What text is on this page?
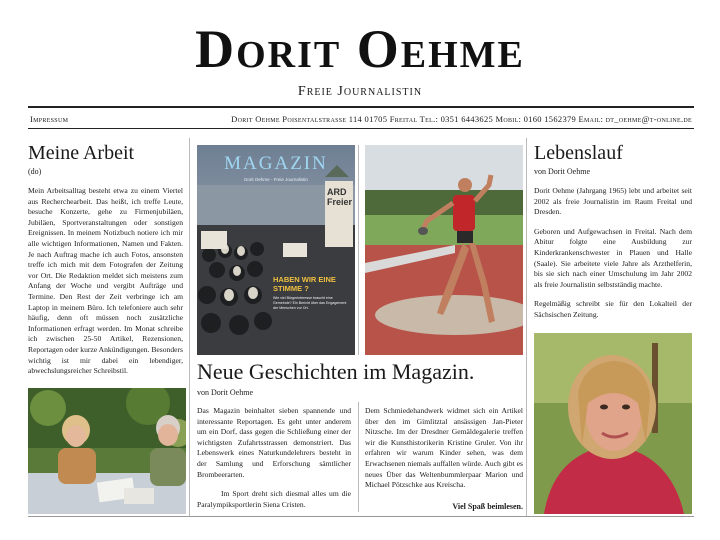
Dorit Oehme
Freie Journalistin
Impressum	Dorit Oehme Poisentalstrasse 114 01705 Freital Tel.: 0351 6443625 Mobil: 0160 1562379 Email: dt_oehme@t-online.de
Meine Arbeit
(do)
Mein Arbeitsalltag besteht etwa zu einem Viertel aus Recherchearbeit. Das heißt, ich treffe Leute, besuche Konzerte, gehe zu Firmenjubiläen, Jubiläen, Sportveranstaltungen oder sonstigen Ereignissen. In meinem Notizbuch notiere ich mir alle wichtigen Informationen, Namen und Fakten. Je nach Auftrag mache ich auch Fotos, ansonsten treffe ich mich mit dem Fotografen der Zeitung vor Ort. Die Redaktion meldet sich meistens zum Anfang der Woche und vergibt Aufträge und Termine. Den Rest der Zeit verbringe ich am Laptop in meinem Büro. Ich telefoniere auch sehr häufig, denn oft müssen noch zusätzliche Informationen erfragt werden. Im Monat schreibe ich zwischen 25-50 Artikel, Rezensionen, Reportagen oder kurze Ankündigungen. Besonders wichtig ist mir dabei ein lebendiger, abwechslungsreicher Schreibstil.
MAGAZIN
Dorit Oehme - Freie Journalistin
ARD Freier
HABEN WIR EINE STIMME ?
Wie viel Bürgerinteresse braucht eine Gemeinde? Ein Bericht über das Engagement der Menschen vor Ort.
Neue Geschichten im Magazin.
von Dorit Oehme

Das Magazin beinhaltet sieben spannende und interessante Reportagen. Es geht unter anderem um ein Dorf, dass gegen die Schließung einer der wichtigsten Zufahrtsstrassen demonstriert. Das Lebenswerk eines Naturkundelehrers besteht in der Samlung und Erforschung sämtlicher Brombeerarten.

Im Sport dreht sich diesmal alles um die Paralympiksportlerin Siena Cristen.

Dem Schmiedehandwerk widmet sich ein Artikel über den im Gimlitztal ansässigen Jan-Pieter Nitzsche. Im der Dresdner Gemäldegalerie treffen wir die Kunsthistorikerin Kristine Gruler. Von ihr erfahren wir warum Kinder sehen, was dem Erwachsenen niemals auffallen würde. Auch gibt es neues Über das Weltenbummlerpaar Marion und Michael Pötzschke aus Kreischa.

Viel Spaß beimlesen.
Lebenslauf
von Dorit Oehme

Dorit Oehme (Jahrgang 1965) lebt und arbeitet seit 2002 als freie Journalistin im Raum Freital und Dresden.

Geboren und Aufgewachsen in Freital. Nach dem Abitur folgte eine Ausbildung zur Kinderkrankenschwester in Plauen und Halle (Saale). Sie arbeitete viele Jahre als Arzthelferin, bis sie sich nach einer Umschulung im Jahr 2002 als freie Journalistin selbstständig machte.

Regelmäßig schreibt sie für den Lokalteil der Sächsischen Zeitung.
